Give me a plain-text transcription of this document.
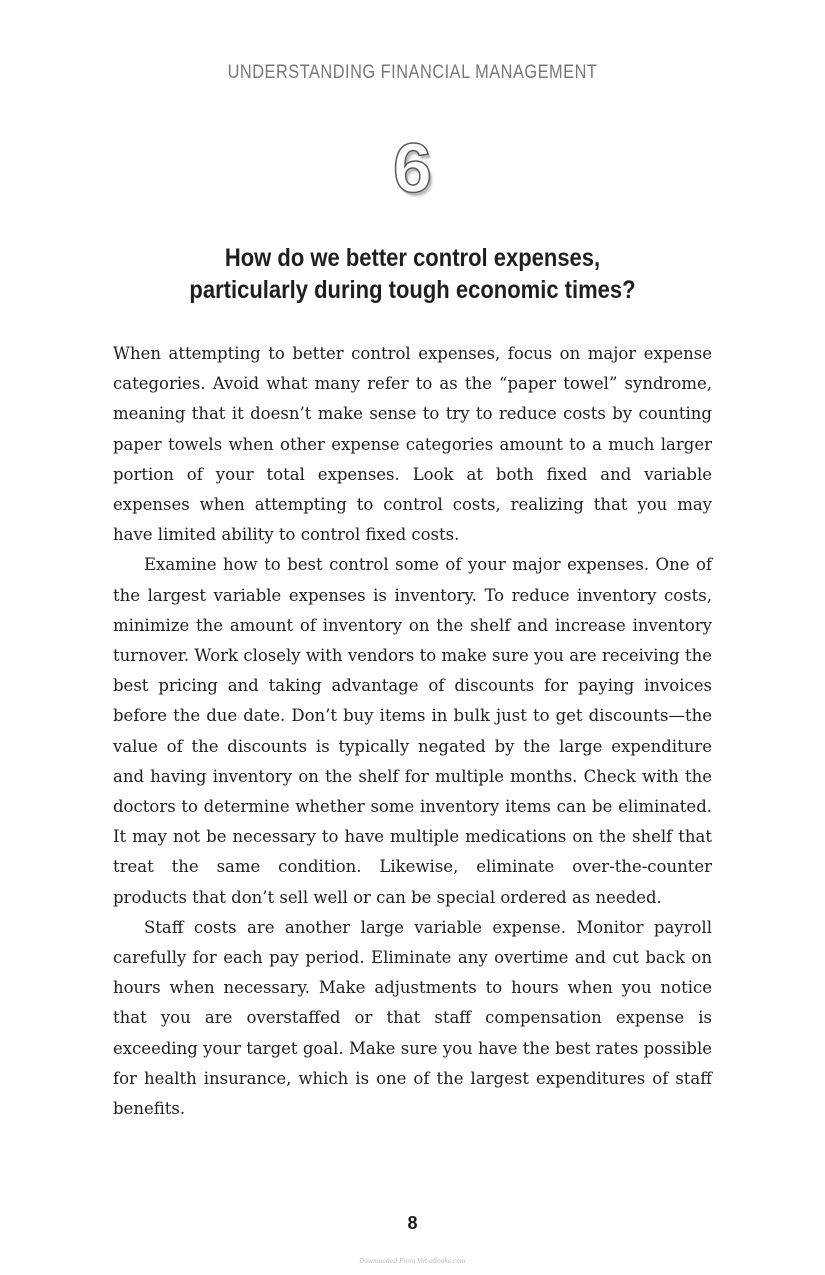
UNDERSTANDING FINANCIAL MANAGEMENT
6
How do we better control expenses,
particularly during tough economic times?

When attempting to better control expenses, focus on major expense categories. Avoid what many refer to as the “paper towel” syndrome, meaning that it doesn’t make sense to try to reduce costs by counting paper towels when other expense categories amount to a much larger portion of your total expenses. Look at both fixed and variable expenses when attempting to control costs, realizing that you may have limited ability to control fixed costs.

Examine how to best control some of your major expenses. One of the largest variable expenses is inventory. To reduce inventory costs, minimize the amount of inventory on the shelf and increase inventory turnover. Work closely with vendors to make sure you are receiving the best pricing and taking advantage of discounts for paying invoices before the due date. Don’t buy items in bulk just to get discounts—the value of the discounts is typically negated by the large expenditure and having inventory on the shelf for multiple months. Check with the doctors to determine whether some inventory items can be eliminated. It may not be necessary to have multiple medications on the shelf that treat the same condition. Likewise, eliminate over-the-counter products that don’t sell well or can be special ordered as needed.

Staff costs are another large variable expense. Monitor payroll carefully for each pay period. Eliminate any overtime and cut back on hours when necessary. Make adjustments to hours when you notice that you are overstaffed or that staff compensation expense is exceeding your target goal. Make sure you have the best rates possible for health insurance, which is one of the largest expenditures of staff benefits.

8
Downloaded From Vet-eBooks.com
